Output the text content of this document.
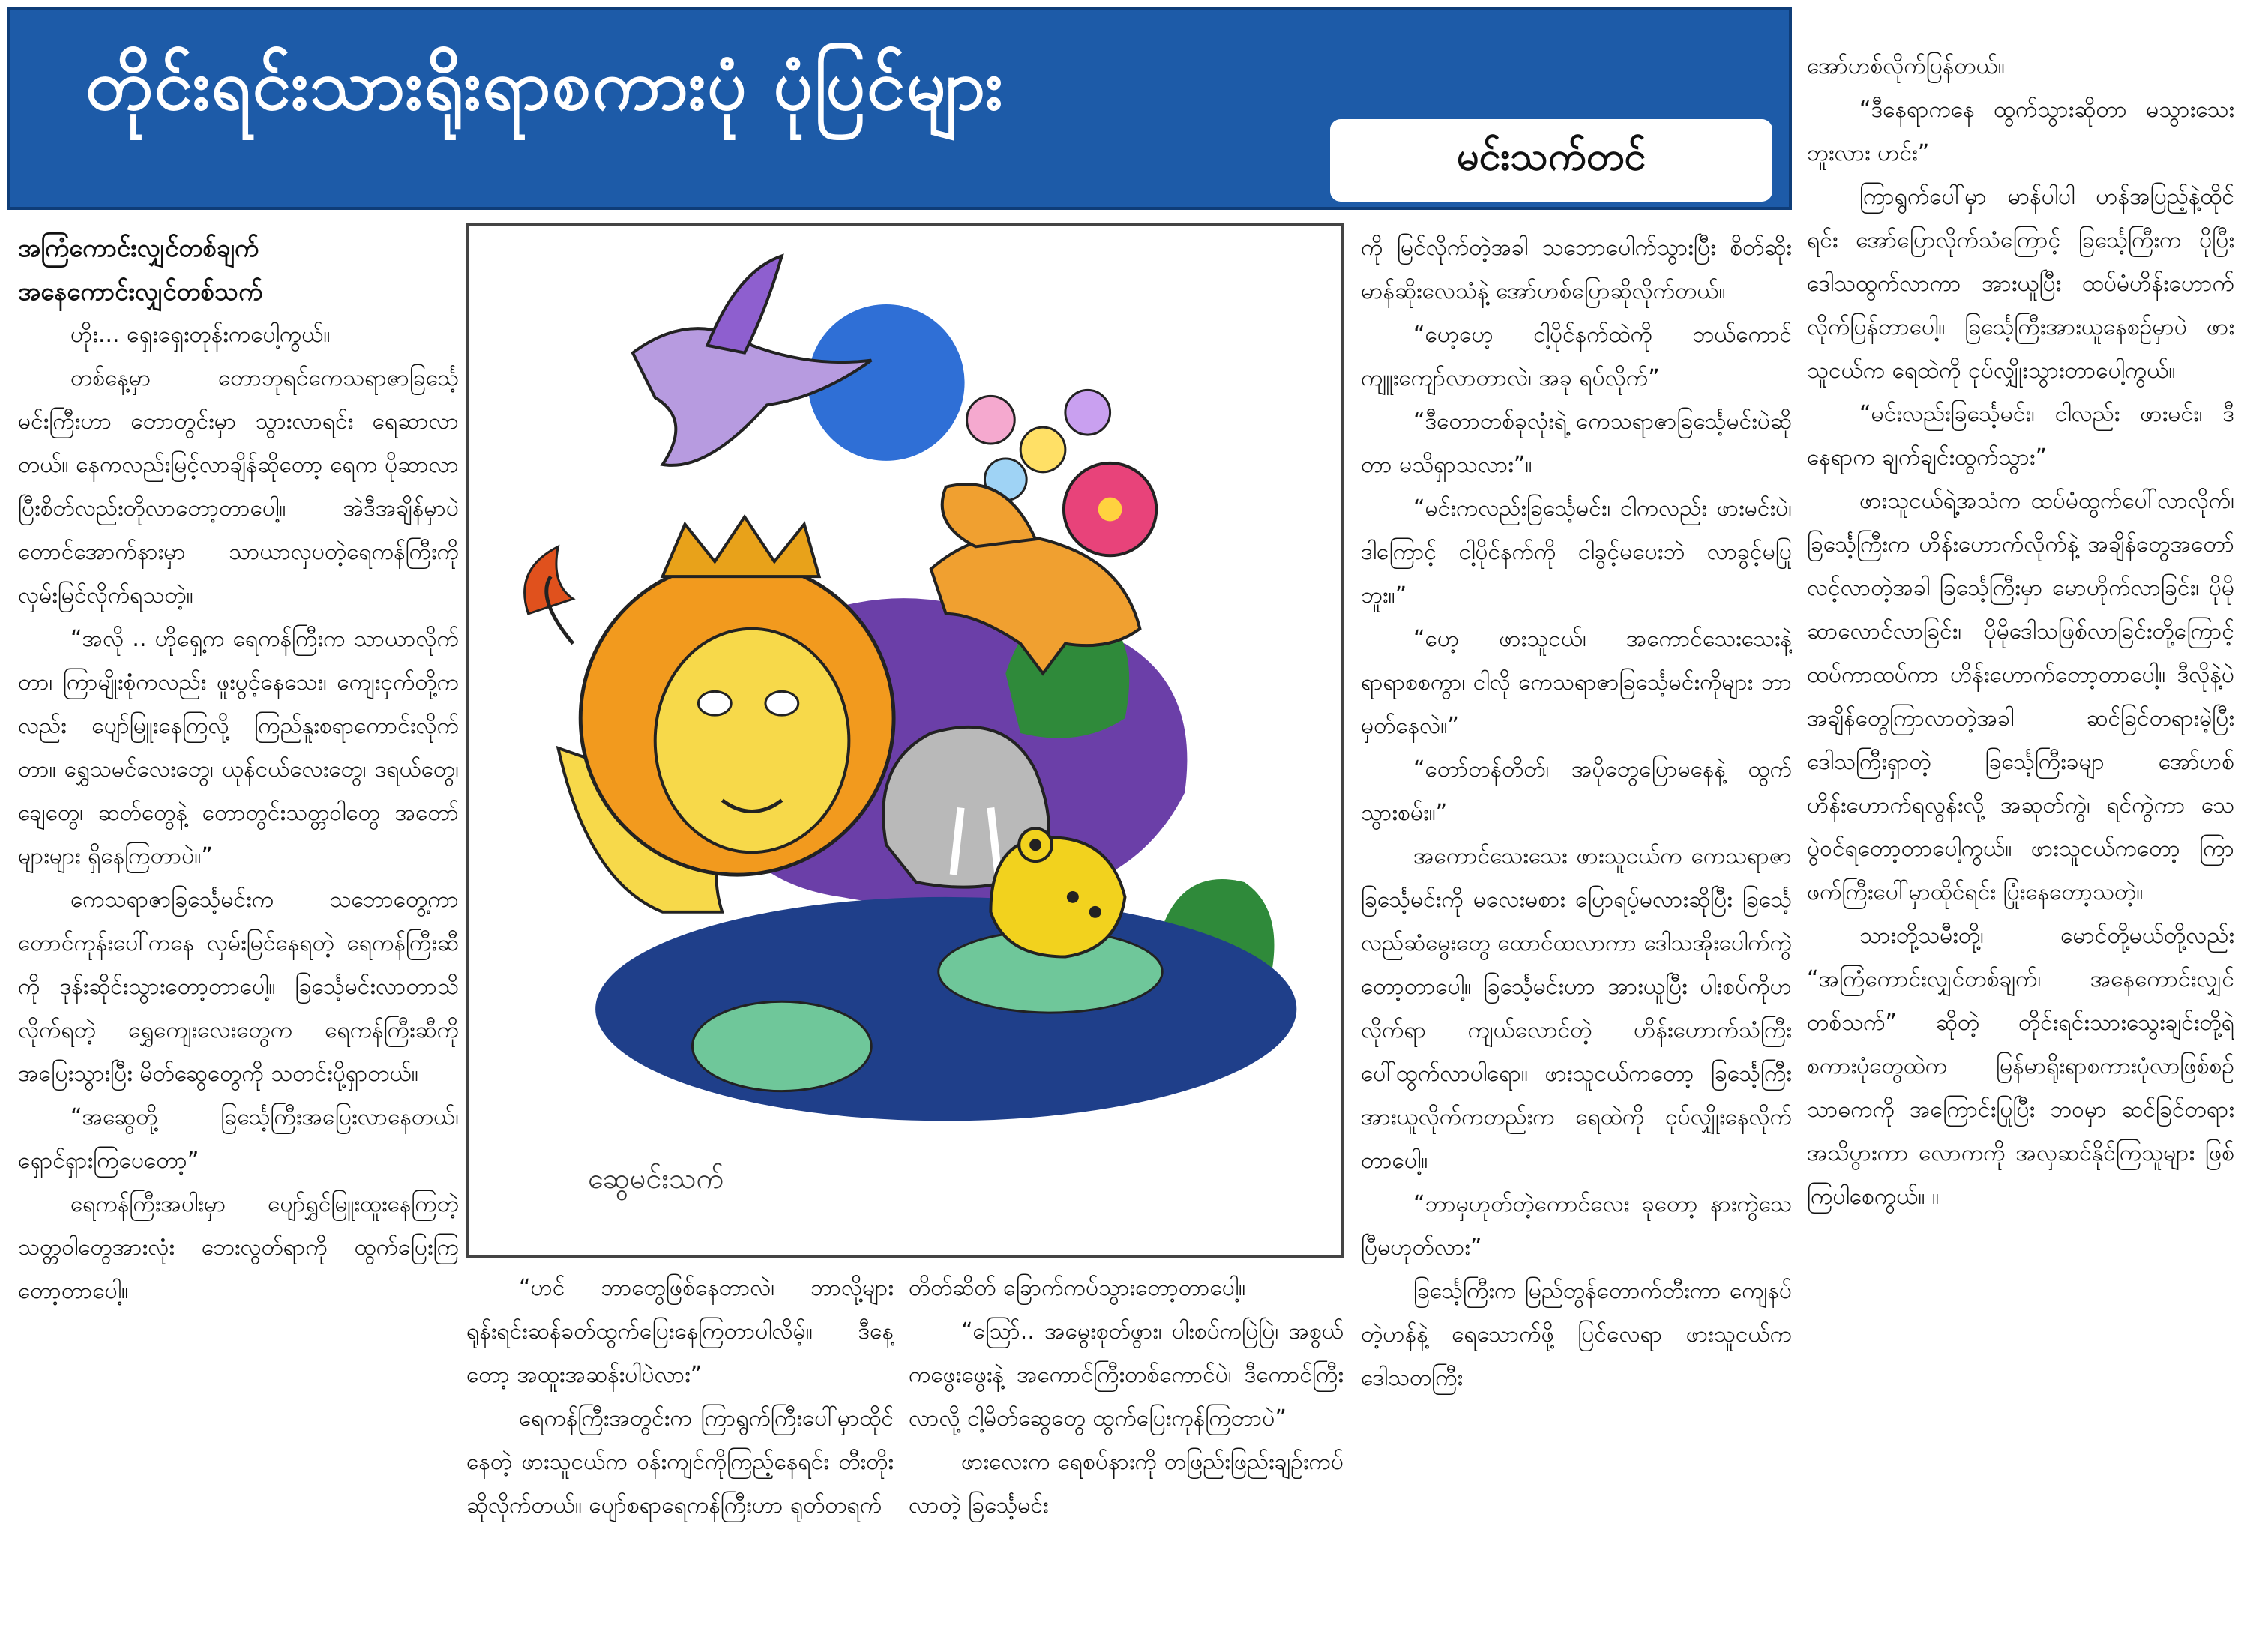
တိုင်းရင်းသားရိုးရာစကားပုံ ပုံပြင်များ
မင်းသက်တင်

အကြံကောင်းလျှင်တစ်ချက်

အနေကောင်းလျှင်တစ်သက်

ဟိုး... ရှေးရှေးတုန်းကပေါ့ကွယ်။

တစ်နေ့မှာ တောဘုရင်ကေသရာဇာခြင်္သေ့မင်းကြီးဟာ တောတွင်းမှာ သွားလာရင်း ရေဆာလာတယ်။ နေကလည်းမြင့်လာချိန်ဆိုတော့ ရေက ပိုဆာလာပြီးစိတ်လည်းတိုလာတော့တာပေါ့။ အဲဒီအချိန်မှာပဲ တောင်အောက်နားမှာ သာယာလှပတဲ့ရေကန်ကြီးကို လှမ်းမြင်လိုက်ရသတဲ့။

“အလို .. ဟိုရှေ့က ရေကန်ကြီးက သာယာလိုက်တာ၊ ကြာမျိုးစုံကလည်း ဖူးပွင့်နေသေး၊ ကျေးငှက်တို့ကလည်း ပျော်မြူးနေကြလို့ ကြည်နူးစရာကောင်းလိုက်တာ။ ရွှေသမင်လေးတွေ၊ ယုန်ငယ်လေးတွေ၊ ဒရယ်တွေ၊ ချေတွေ၊ ဆတ်တွေနဲ့ တောတွင်းသတ္တဝါတွေ အတော်များများ ရှိနေကြတာပဲ။”

ကေသရာဇာခြင်္သေ့မင်းက သဘောတွေ့ကာ တောင်ကုန်းပေါ်ကနေ လှမ်းမြင်နေရတဲ့ ရေကန်ကြီးဆီကို ဒုန်းဆိုင်းသွားတော့တာပေါ့။ ခြင်္သေ့မင်းလာတာသိလိုက်ရတဲ့ ရွှေကျေးလေးတွေက ရေကန်ကြီးဆီကို အပြေးသွားပြီး မိတ်ဆွေတွေကို သတင်းပို့ရှာတယ်။

“အဆွေတို့ ခြင်္သေ့ကြီးအပြေးလာနေတယ်၊ ရှောင်ရှားကြပေတော့”

ရေကန်ကြီးအပါးမှာ ပျော်ရွှင်မြူးထူးနေကြတဲ့သတ္တဝါတွေအားလုံး ဘေးလွတ်ရာကို ထွက်ပြေးကြတော့တာပေါ့။

ဆွေမင်းသက်

“ဟင် ဘာတွေဖြစ်နေတာလဲ၊ ဘာလို့များ ရုန်းရင်းဆန်ခတ်ထွက်ပြေးနေကြတာပါလိမ့်။ ဒီနေ့တော့ အထူးအဆန်းပါပဲလား”

ရေကန်ကြီးအတွင်းက ကြာရွက်ကြီးပေါ်မှာထိုင်နေတဲ့ ဖားသူငယ်က ဝန်းကျင်ကိုကြည့်နေရင်း တီးတိုးဆိုလိုက်တယ်။ ပျော်စရာရေကန်ကြီးဟာ ရုတ်တရက်

တိတ်ဆိတ် ခြောက်ကပ်သွားတော့တာပေါ့။

“ဩော်.. အမွေးစုတ်ဖွား၊ ပါးစပ်ကပြဲပြဲ၊ အစွယ်ကဖွေးဖွေးနဲ့ အကောင်ကြီးတစ်ကောင်ပဲ၊ ဒီကောင်ကြီးလာလို့ ငါ့မိတ်ဆွေတွေ ထွက်ပြေးကုန်ကြတာပဲ”

ဖားလေးက ရေစပ်နားကို တဖြည်းဖြည်းချဉ်းကပ်လာတဲ့ ခြင်္သေ့မင်း

ကို မြင်လိုက်တဲ့အခါ သဘောပေါက်သွားပြီး စိတ်ဆိုးမာန်ဆိုးလေသံနဲ့ အော်ဟစ်ပြောဆိုလိုက်တယ်။

“ဟေ့ဟေ့ ငါ့ပိုင်နက်ထဲကို ဘယ်ကောင် ကျူးကျော်လာတာလဲ၊ အခု ရပ်လိုက်”

“ဒီတောတစ်ခုလုံးရဲ့ ကေသရာဇာခြင်္သေ့မင်းပဲဆိုတာ မသိရှာသလား”။

“မင်းကလည်းခြင်္သေ့မင်း၊ ငါကလည်း ဖားမင်းပဲ၊ ဒါကြောင့် ငါ့ပိုင်နက်ကို ငါခွင့်မပေးဘဲ လာခွင့်မပြုဘူး။”

“ဟေ့ ဖားသူငယ်၊ အကောင်သေးသေးနဲ့ ရာရာစစကွာ၊ ငါလို ကေသရာဇာခြင်္သေ့မင်းကိုများ ဘာမှတ်နေလဲ။”

“တော်တန်တိတ်၊ အပိုတွေပြောမနေနဲ့ ထွက်သွားစမ်း။”

အကောင်သေးသေး ဖားသူငယ်က ကေသရာဇာခြင်္သေ့မင်းကို မလေးမစား ပြောရပ့်မလားဆိုပြီး ခြင်္သေ့လည်ဆံမွေးတွေ ထောင်ထလာကာ ဒေါသအိုးပေါက်ကွဲတော့တာပေါ့။ ခြင်္သေ့မင်းဟာ အားယူပြီး ပါးစပ်ကိုဟလိုက်ရာ ကျယ်လောင်တဲ့ ဟိန်းဟောက်သံကြီးပေါ်ထွက်လာပါရော။ ဖားသူငယ်ကတော့ ခြင်္သေ့ကြီး အားယူလိုက်ကတည်းက ရေထဲကို ငုပ်လျှိုးနေလိုက်တာပေါ့။

“ဘာမှဟုတ်တဲ့ကောင်လေး ခုတော့ နားကွဲသေပြီမဟုတ်လား”

ခြင်္သေ့ကြီးက မြည်တွန်တောက်တီးကာ ကျေနပ်တဲ့ဟန်နဲ့ ရေသောက်ဖို့ ပြင်လေရာ ဖားသူငယ်က ဒေါသတကြီး

အော်ဟစ်လိုက်ပြန်တယ်။

“ဒီနေရာကနေ ထွက်သွားဆိုတာ မသွားသေးဘူးလား ဟင်း”

ကြာရွက်ပေါ်မှာ မာန်ပါပါ ဟန်အပြည့်နဲ့ထိုင်ရင်း အော်ပြောလိုက်သံကြောင့် ခြင်္သေ့ကြီးက ပိုပြီးဒေါသထွက်လာကာ အားယူပြီး ထပ်မံဟိန်းဟောက်လိုက်ပြန်တာပေါ့။ ခြင်္သေ့ကြီးအားယူနေစဉ်မှာပဲ ဖားသူငယ်က ရေထဲကို ငုပ်လျှိုးသွားတာပေါ့ကွယ်။

“မင်းလည်းခြင်္သေ့မင်း၊ ငါလည်း ဖားမင်း၊ ဒီနေရာက ချက်ချင်းထွက်သွား”

ဖားသူငယ်ရဲ့အသံက ထပ်မံထွက်ပေါ်လာလိုက်၊ ခြင်္သေ့ကြီးက ဟိန်းဟောက်လိုက်နဲ့ အချိန်တွေအတော်လင့်လာတဲ့အခါ ခြင်္သေ့ကြီးမှာ မောဟိုက်လာခြင်း၊ ပိုမိုဆာလောင်လာခြင်း၊ ပိုမိုဒေါသဖြစ်လာခြင်းတို့ကြောင့် ထပ်ကာထပ်ကာ ဟိန်းဟောက်တော့တာပေါ့။ ဒီလိုနဲ့ပဲ အချိန်တွေကြာလာတဲ့အခါ ဆင်ခြင်တရားမဲ့ပြီး ဒေါသကြီးရှာတဲ့ ခြင်္သေ့ကြီးခမျာ အော်ဟစ်ဟိန်းဟောက်ရလွန်းလို့ အဆုတ်ကွဲ၊ ရင်ကွဲကာ သေပွဲဝင်ရတော့တာပေါ့ကွယ်။ ဖားသူငယ်ကတော့ ကြာဖက်ကြီးပေါ်မှာထိုင်ရင်း ပြုံးနေတော့သတဲ့။

သားတို့သမီးတို့၊ မောင်တို့မယ်တို့လည်း “အကြံကောင်းလျှင်တစ်ချက်၊ အနေကောင်းလျှင်တစ်သက်” ဆိုတဲ့ တိုင်းရင်းသားသွေးချင်းတို့ရဲ့ စကားပုံတွေထဲက မြန်မာရိုးရာစကားပုံလာဖြစ်စဉ်သာဓကကို အကြောင်းပြုပြီး ဘဝမှာ ဆင်ခြင်တရားအသိပွားကာ လောကကို အလှဆင်နိုင်ကြသူများ ဖြစ်ကြပါစေကွယ်။ ။
